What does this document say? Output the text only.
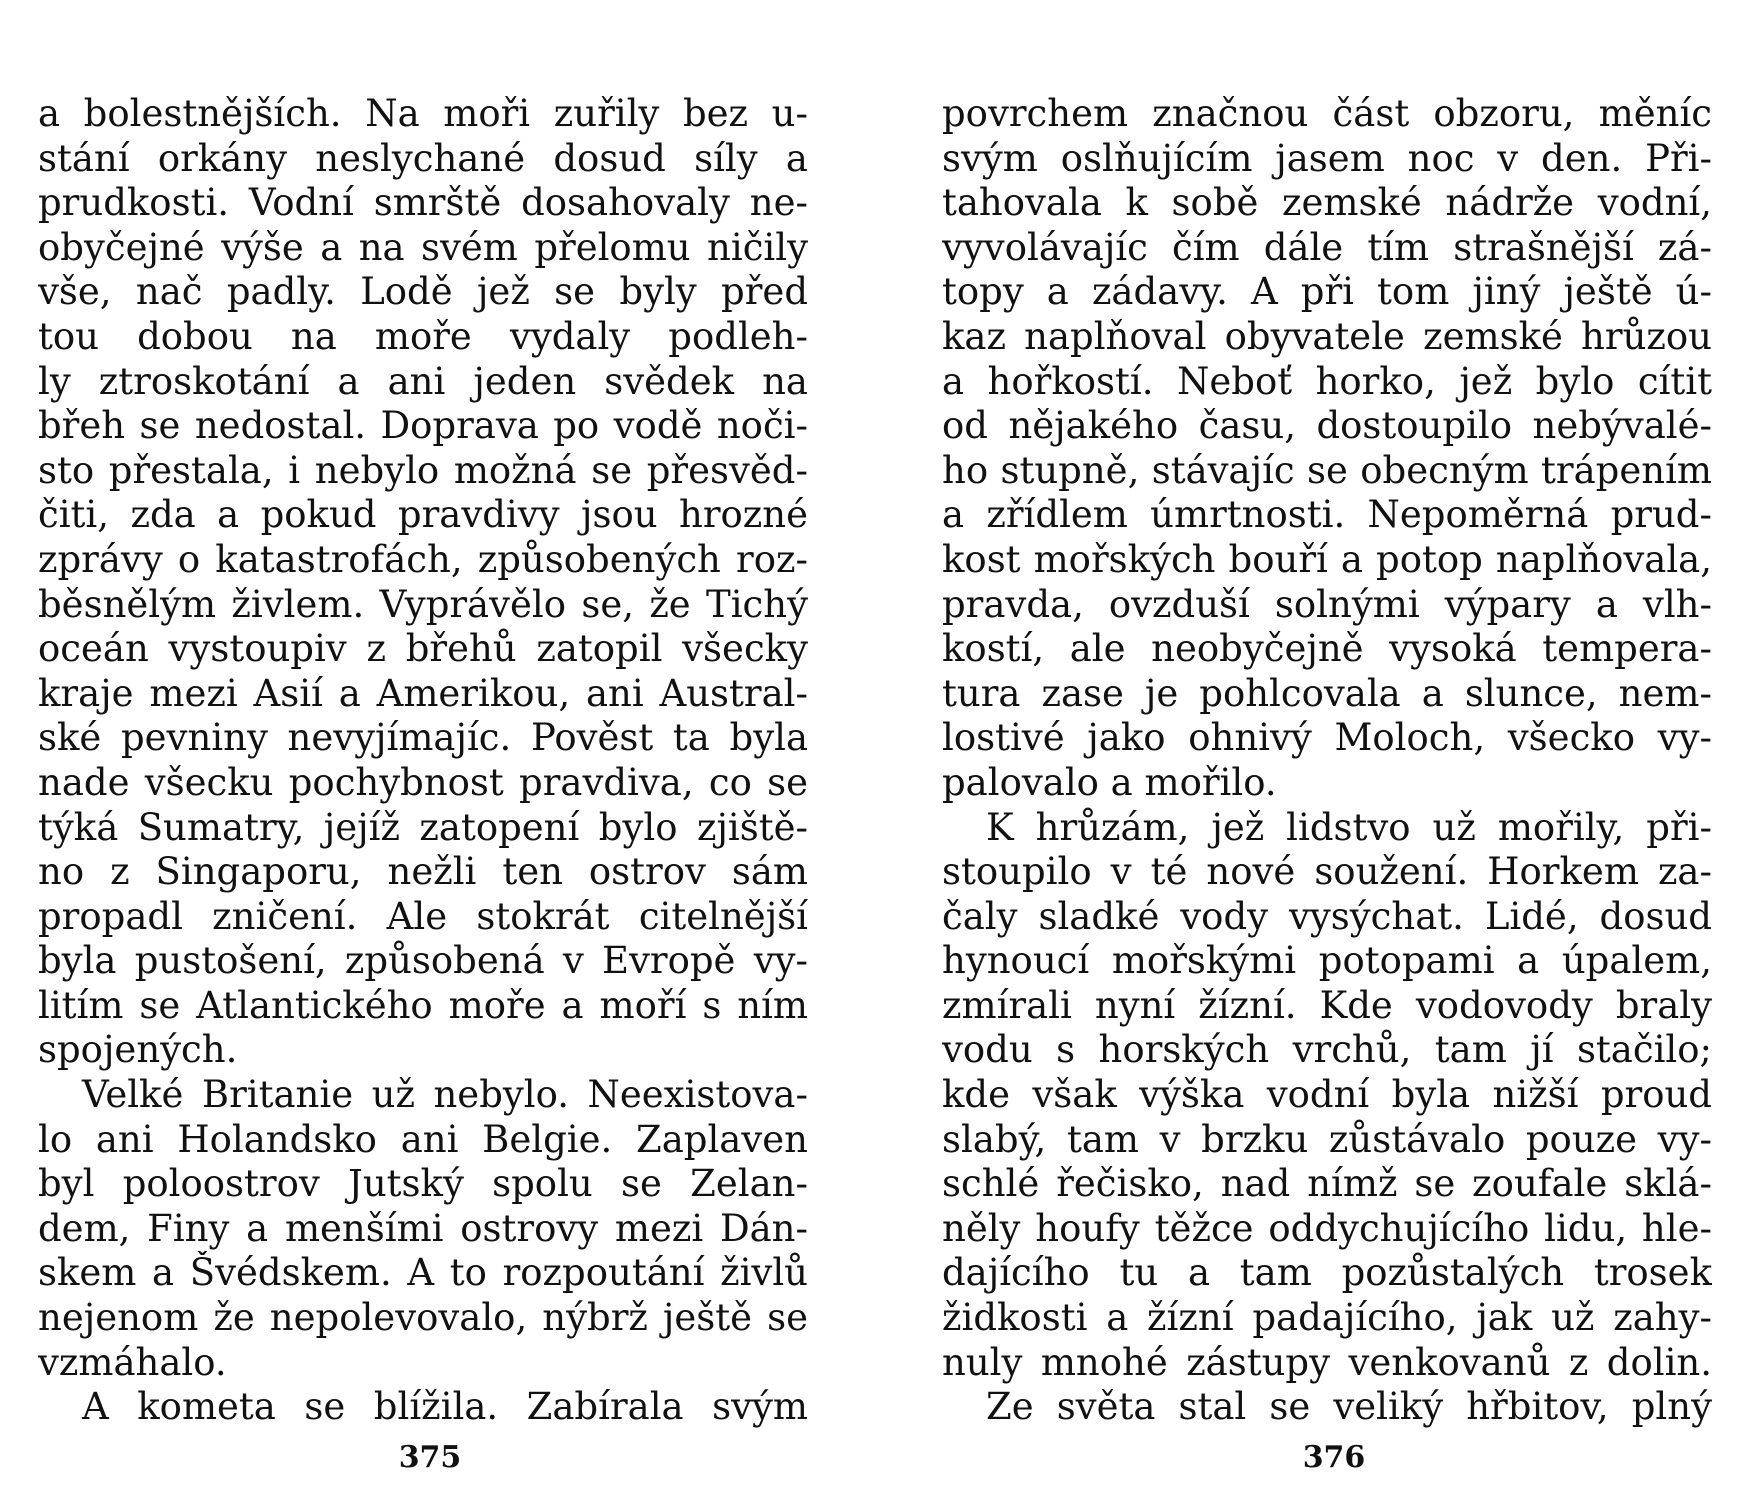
a bolestnějších. Na moři zuřily bez u-
stání orkány neslychané dosud síly a
prudkosti. Vodní smrště dosahovaly ne-
obyčejné výše a na svém přelomu ničily
vše, nač padly. Lodě jež se byly před
tou dobou na moře vydaly podleh-
ly ztroskotání a ani jeden svědek na
břeh se nedostal. Doprava po vodě noči-
sto přestala, i nebylo možná se přesvěd-
čiti, zda a pokud pravdivy jsou hrozné
zprávy o katastrofách, způsobených roz-
běsnělým živlem. Vyprávělo se, že Tichý
oceán vystoupiv z břehů zatopil všecky
kraje mezi Asií a Amerikou, ani Austral-
ské pevniny nevyjímajíc. Pověst ta byla
nade všecku pochybnost pravdiva, co se
týká Sumatry, jejíž zatopení bylo zjiště-
no z Singaporu, nežli ten ostrov sám
propadl zničení. Ale stokrát citelnější
byla pustošení, způsobená v Evropě vy-
litím se Atlantického moře a moří s ním
spojených.
Velké Britanie už nebylo. Neexistova-
lo ani Holandsko ani Belgie. Zaplaven
byl poloostrov Jutský spolu se Zelan-
dem, Finy a menšími ostrovy mezi Dán-
skem a Švédskem. A to rozpoutání živlů
nejenom že nepolevovalo, nýbrž ještě se
vzmáhalo.
A kometa se blížila. Zabírala svým
375
povrchem značnou část obzoru, měníc
svým oslňujícím jasem noc v den. Při-
tahovala k sobě zemské nádrže vodní,
vyvolávajíc čím dále tím strašnější zá-
topy a zádavy. A při tom jiný ještě ú-
kaz naplňoval obyvatele zemské hrůzou
a hořkostí. Neboť horko, jež bylo cítit
od nějakého času, dostoupilo nebývalé-
ho stupně, stávajíc se obecným trápením
a zřídlem úmrtnosti. Nepoměrná prud-
kost mořských bouří a potop naplňovala,
pravda, ovzduší solnými výpary a vlh-
kostí, ale neobyčejně vysoká tempera-
tura zase je pohlcovala a slunce, nem-
lostivé jako ohnivý Moloch, všecko vy-
palovalo a mořilo.
K hrůzám, jež lidstvo už mořily, při-
stoupilo v té nové soužení. Horkem za-
čaly sladké vody vysýchat. Lidé, dosud
hynoucí mořskými potopami a úpalem,
zmírali nyní žízní. Kde vodovody braly
vodu s horských vrchů, tam jí stačilo;
kde však výška vodní byla nižší proud
slabý, tam v brzku zůstávalo pouze vy-
schlé řečisko, nad nímž se zoufale sklá-
něly houfy těžce oddychujícího lidu, hle-
dajícího tu a tam pozůstalých trosek
židkosti a žízní padajícího, jak už zahy-
nuly mnohé zástupy venkovanů z dolin.
Ze světa stal se veliký hřbitov, plný
376
